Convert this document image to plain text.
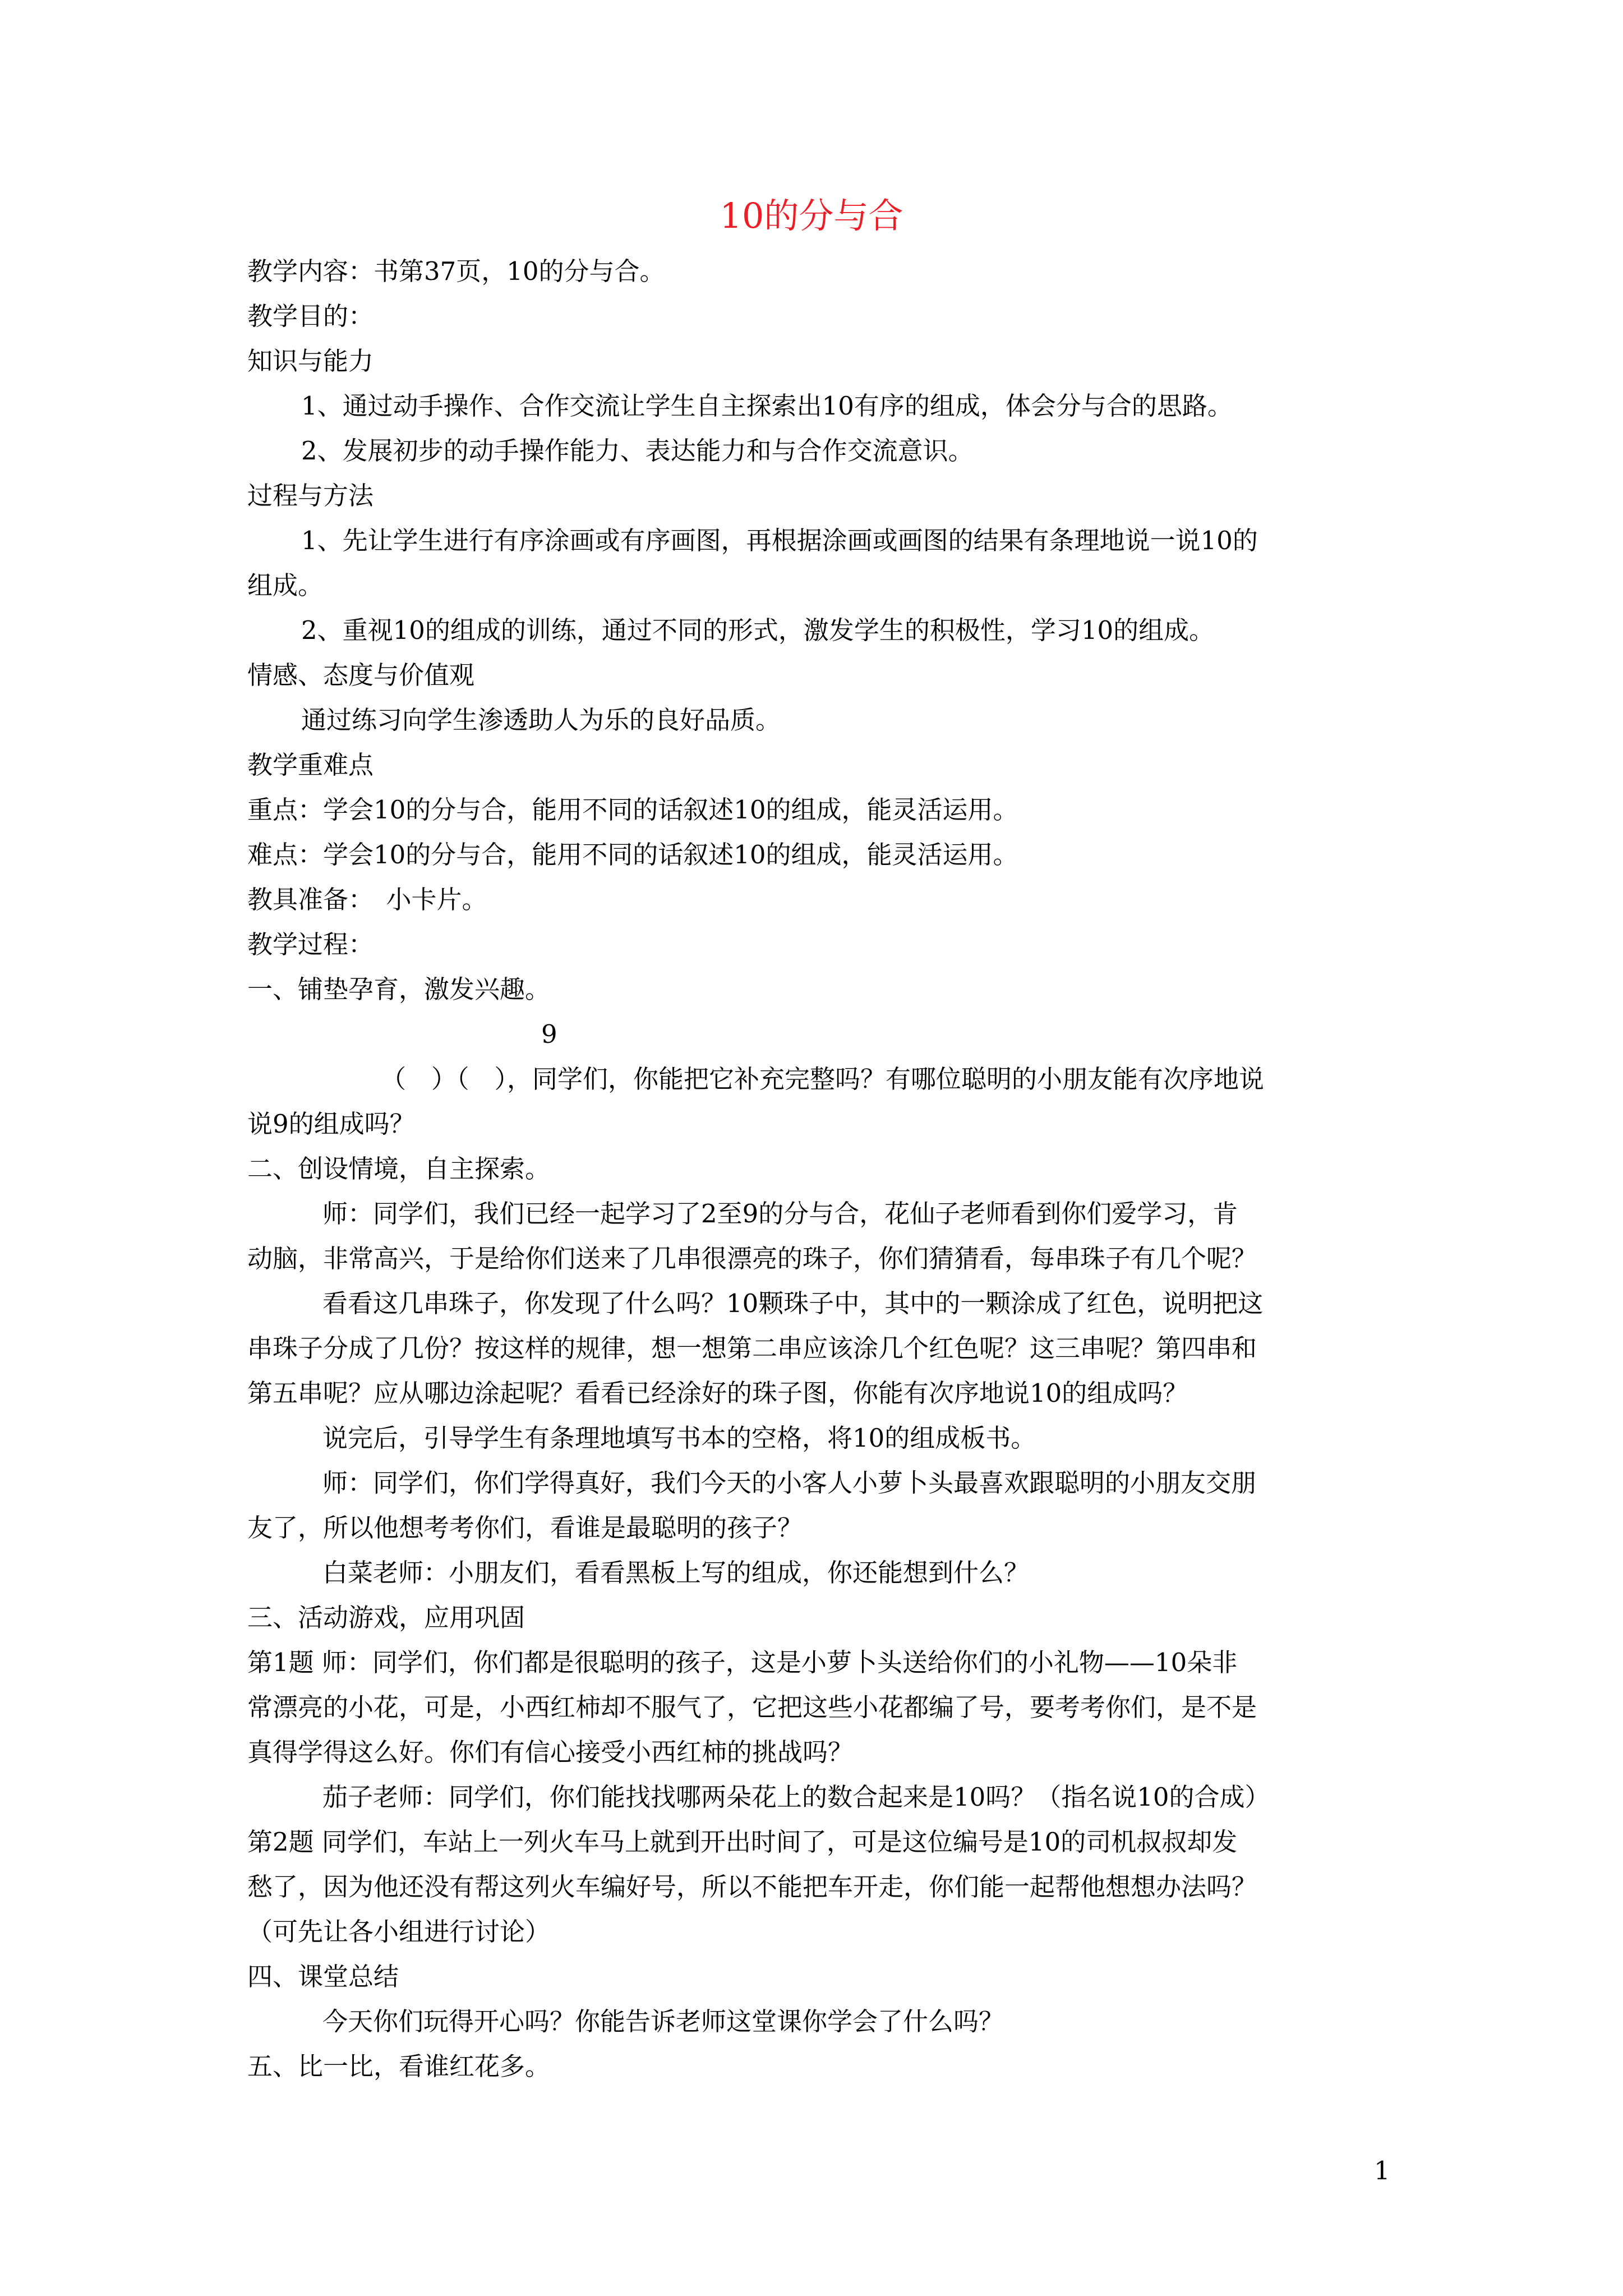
10的分与合

教学内容：书第37页，10的分与合。

教学目的：

知识与能力

1、通过动手操作、合作交流让学生自主探索出10有序的组成，体会分与合的思路。

2、发展初步的动手操作能力、表达能力和与合作交流意识。

过程与方法

1、先让学生进行有序涂画或有序画图，再根据涂画或画图的结果有条理地说一说10的

组成。

2、重视10的组成的训练，通过不同的形式，激发学生的积极性，学习10的组成。

情感、态度与价值观

通过练习向学生渗透助人为乐的良好品质。

教学重难点

重点：学会10的分与合，能用不同的话叙述10的组成，能灵活运用。

难点：学会10的分与合，能用不同的话叙述10的组成，能灵活运用。

教具准备：　小卡片。

教学过程：

一、铺垫孕育，激发兴趣。

9

（　）（　），同学们，你能把它补充完整吗？有哪位聪明的小朋友能有次序地说

说9的组成吗？

二、创设情境，自主探索。

师：同学们，我们已经一起学习了2至9的分与合，花仙子老师看到你们爱学习，肯

动脑，非常高兴，于是给你们送来了几串很漂亮的珠子，你们猜猜看，每串珠子有几个呢？

看看这几串珠子，你发现了什么吗？10颗珠子中，其中的一颗涂成了红色，说明把这

串珠子分成了几份？按这样的规律，想一想第二串应该涂几个红色呢？这三串呢？第四串和

第五串呢？应从哪边涂起呢？看看已经涂好的珠子图，你能有次序地说10的组成吗？

说完后，引导学生有条理地填写书本的空格，将10的组成板书。

师：同学们，你们学得真好，我们今天的小客人小萝卜头最喜欢跟聪明的小朋友交朋

友了，所以他想考考你们，看谁是最聪明的孩子？

白菜老师：小朋友们，看看黑板上写的组成，你还能想到什么？

三、活动游戏，应用巩固

第1题 师：同学们，你们都是很聪明的孩子，这是小萝卜头送给你们的小礼物——10朵非

常漂亮的小花，可是，小西红柿却不服气了，它把这些小花都编了号，要考考你们，是不是

真得学得这么好。你们有信心接受小西红柿的挑战吗？

茄子老师：同学们，你们能找找哪两朵花上的数合起来是10吗？（指名说10的合成）

第2题 同学们，车站上一列火车马上就到开出时间了，可是这位编号是10的司机叔叔却发

愁了，因为他还没有帮这列火车编好号，所以不能把车开走，你们能一起帮他想想办法吗？

（可先让各小组进行讨论）

四、课堂总结

今天你们玩得开心吗？你能告诉老师这堂课你学会了什么吗？

五、比一比，看谁红花多。

1
